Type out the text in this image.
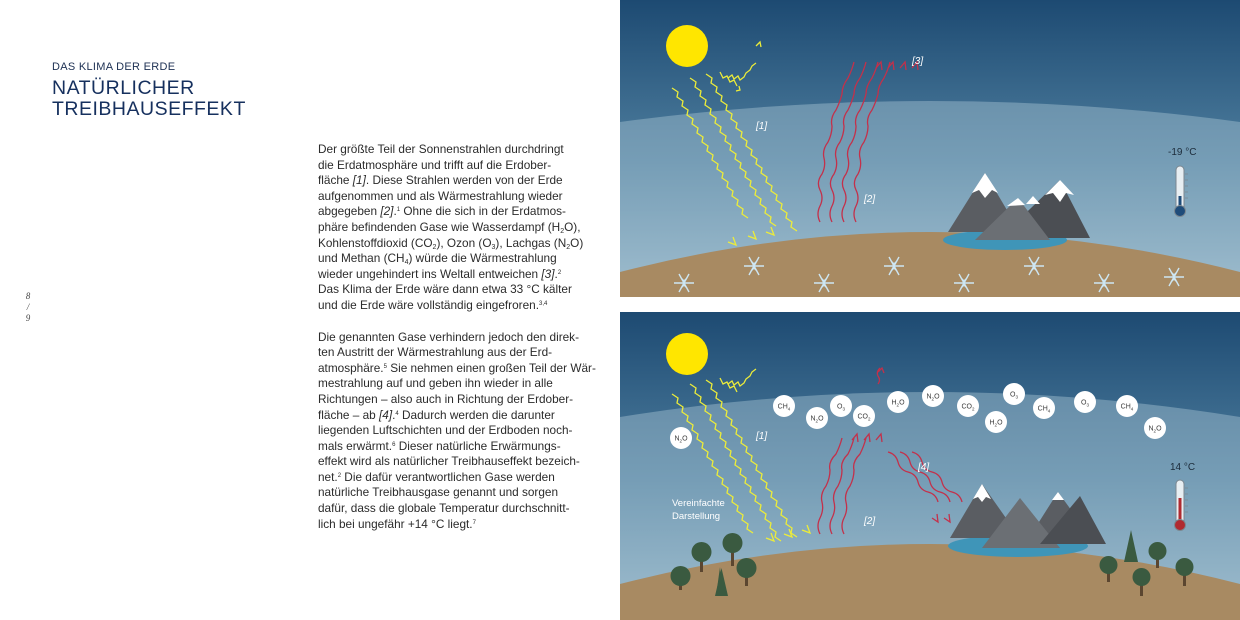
DAS KLIMA DER ERDE
NATÜRLICHER
TREIBHAUSEFFEKT
8
/
9

Der größte Teil der Sonnenstrahlen durchdringt
die Erdatmosphäre und trifft auf die Erdober-
fläche [1]. Diese Strahlen werden von der Erde
aufgenommen und als Wärmestrahlung wieder
abgegeben [2].$^1$ Ohne die sich in der Erdatmos-
phäre befindenden Gase wie Wasserdampf $(H_2O)$,
Kohlenstoffdioxid $(CO_2)$, Ozon $(O_3)$, Lachgas $(N_2O)$
und Methan $(CH_4)$ würde die Wärmestrahlung
wieder ungehindert ins Weltall entweichen [3].$^2$
Das Klima der Erde wäre dann etwa 33 °C kälter
und die Erde wäre vollständig eingefroren.$^{3,4}$

Die genannten Gase verhindern jedoch den direk-
ten Austritt der Wärmestrahlung aus der Erd-
atmosphäre.$^5$ Sie nehmen einen großen Teil der Wär-
mestrahlung auf und geben ihn wieder in alle
Richtungen – also auch in Richtung der Erdober-
fläche – ab [4].$^4$ Dadurch werden die darunter
liegenden Luftschichten und der Erdboden noch-
mals erwärmt.$^6$ Dieser natürliche Erwärmungs-
effekt wird als natürlicher Treibhauseffekt bezeich-
net.$^2$ Die dafür verantwortlichen Gase werden
natürliche Treibhausgase genannt und sorgen
dafür, dass die globale Temperatur durchschnitt-
lich bei ungefähr +14 °C liegt.$^7$

-19 °C
[1]
[2]
[3]
$N_2O$
$CH_4$
$N_2O$
$O_3$
$CO_2$
$H_2O$
$N_2O$
$CO_2$
$H_2O$
$O_3$
$CH_4$
$O_3$	$CH_4$
$N_2O$
14 °C
[1]
[2]
[4]
Vereinfachte
Darstellung
